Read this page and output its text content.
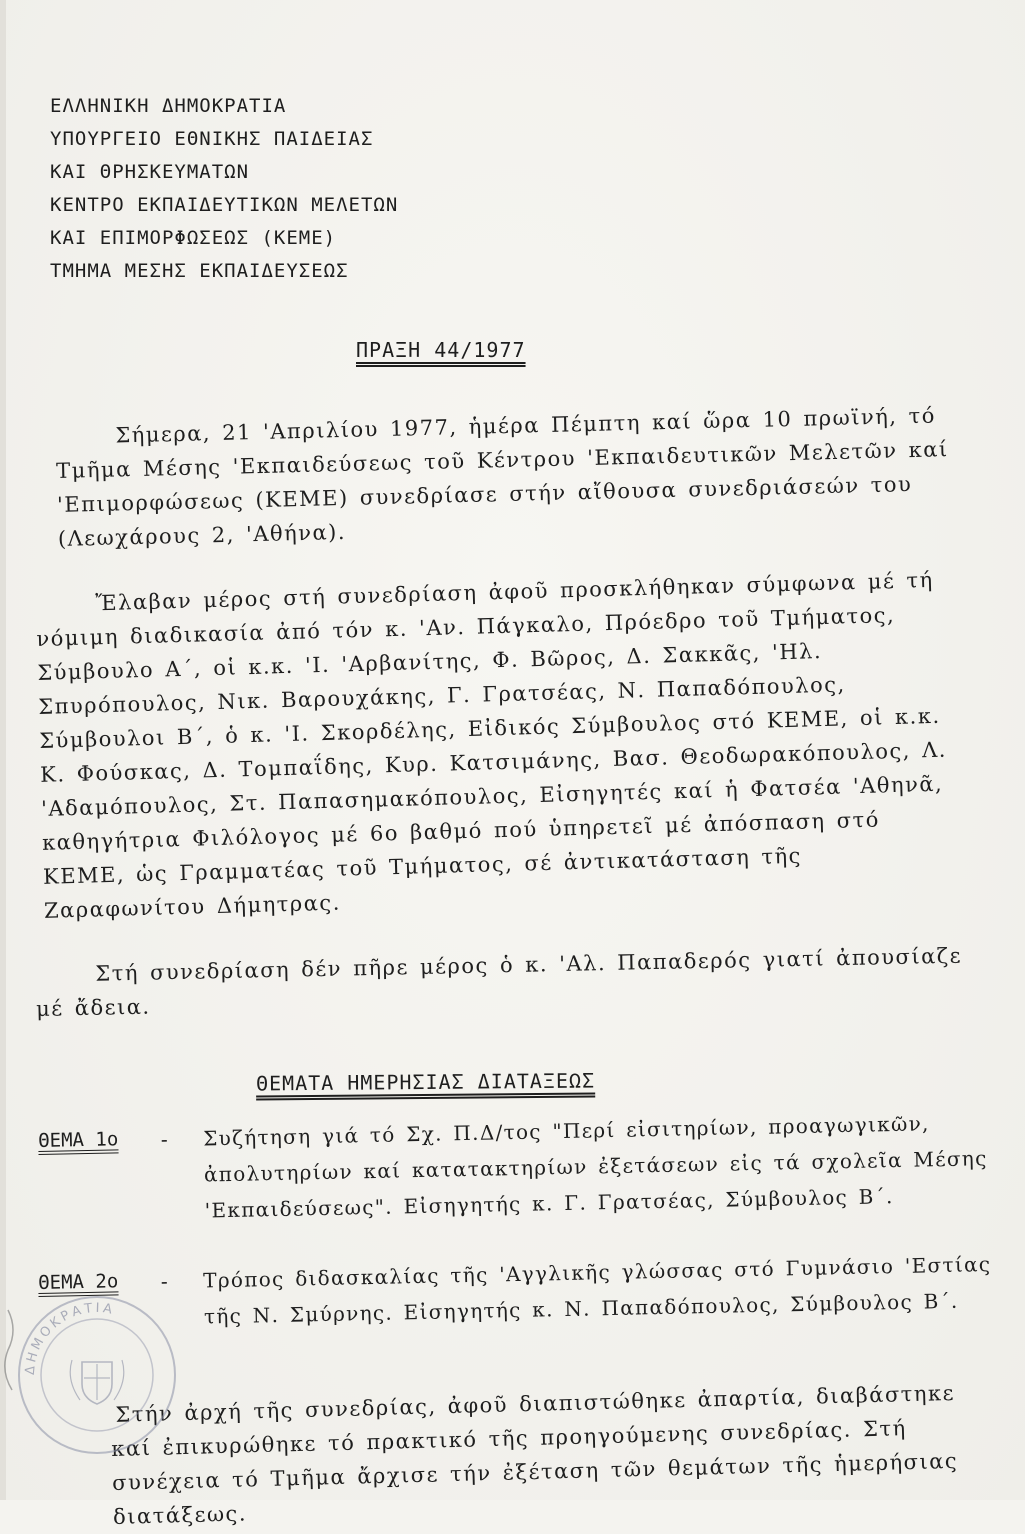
ΕΛΛΗΝΙΚΗ ΔΗΜΟΚΡΑΤΙΑ
ΥΠΟΥΡΓΕΙΟ ΕΘΝΙΚΗΣ ΠΑΙΔΕΙΑΣ
ΚΑΙ ΘΡΗΣΚΕΥΜΑΤΩΝ
ΚΕΝΤΡΟ ΕΚΠΑΙΔΕΥΤΙΚΩΝ ΜΕΛΕΤΩΝ
ΚΑΙ ΕΠΙΜΟΡΦΩΣΕΩΣ (ΚΕΜΕ)
ΤΜΗΜΑ ΜΕΣΗΣ ΕΚΠΑΙΔΕΥΣΕΩΣ
ΠΡΑΞΗ 44/1977
Σήμερα, 21 'Απριλίου 1977, ἡμέρα Πέμπτη καί ὥρα 10 πρωϊνή, τό Τμῆμα Μέσης 'Εκπαιδεύσεως τοῦ Κέντρου 'Εκπαιδευτικῶν Μελετῶν καί 'Επιμορφώσεως (ΚΕΜΕ) συνεδρίασε στήν αἴθουσα συνεδριάσεών του (Λεωχάρους 2, 'Αθήνα).
Ἔλαβαν μέρος στή συνεδρίαση ἀφοῦ προσκλήθηκαν σύμφωνα μέ τή νόμιμη διαδικασία ἀπό τόν κ. 'Αν. Πάγκαλο, Πρόεδρο τοῦ Τμήματος, Σύμβουλο Α΄, οἱ κ.κ. 'Ι. 'Αρβανίτης, Φ. Βῶρος, Δ. Σακκᾶς, 'Ηλ. Σπυρόπουλος, Νικ. Βαρουχάκης, Γ. Γρατσέας, Ν. Παπαδόπουλος, Σύμβουλοι Β΄, ὁ κ. 'Ι. Σκορδέλης, Εἰδικός Σύμβουλος στό ΚΕΜΕ, οἱ κ.κ. Κ. Φούσκας, Δ. Τομπαΐδης, Κυρ. Κατσιμάνης, Βασ. Θεοδωρακόπουλος, Λ. 'Αδαμόπουλος, Στ. Παπασημακόπουλος, Εἰσηγητές καί ἡ Φατσέα 'Αθηνᾶ, καθηγήτρια Φιλόλογος μέ 6ο βαθμό πού ὑπηρετεῖ μέ ἀπόσπαση στό ΚΕΜΕ, ὡς Γραμματέας τοῦ Τμήματος, σέ ἀντικατάσταση τῆς Ζαραφωνίτου Δήμητρας.
Στή συνεδρίαση δέν πῆρε μέρος ὁ κ. 'Αλ. Παπαδερός γιατί ἀπουσίαζε μέ ἄδεια.
ΘΕΜΑΤΑ ΗΜΕΡΗΣΙΑΣ ΔΙΑΤΑΞΕΩΣ
ΘΕΜΑ 1ο - Συζήτηση γιά τό Σχ. Π.Δ/τος "Περί εἰσιτηρίων, προαγωγικῶν, ἀπολυτηρίων καί κατατακτηρίων ἐξετάσεων εἰς τά σχολεῖα Μέσης 'Εκπαιδεύσεως". Εἰσηγητής κ. Γ. Γρατσέας, Σύμβουλος Β΄.
ΘΕΜΑ 2ο - Τρόπος διδασκαλίας τῆς 'Αγγλικῆς γλώσσας στό Γυμνάσιο 'Εστίας τῆς Ν. Σμύρνης. Εἰσηγητής κ. Ν. Παπαδόπουλος, Σύμβουλος Β΄.
Στήν ἀρχή τῆς συνεδρίας, ἀφοῦ διαπιστώθηκε ἀπαρτία, διαβάστηκε καί ἐπικυρώθηκε τό πρακτικό τῆς προηγούμενης συνεδρίας. Στή συνέχεια τό Τμῆμα ἄρχισε τήν ἐξέταση τῶν θεμάτων τῆς ἡμερήσιας διατάξεως.
ΔΗΜΟΚΡΑΤΙΑ
